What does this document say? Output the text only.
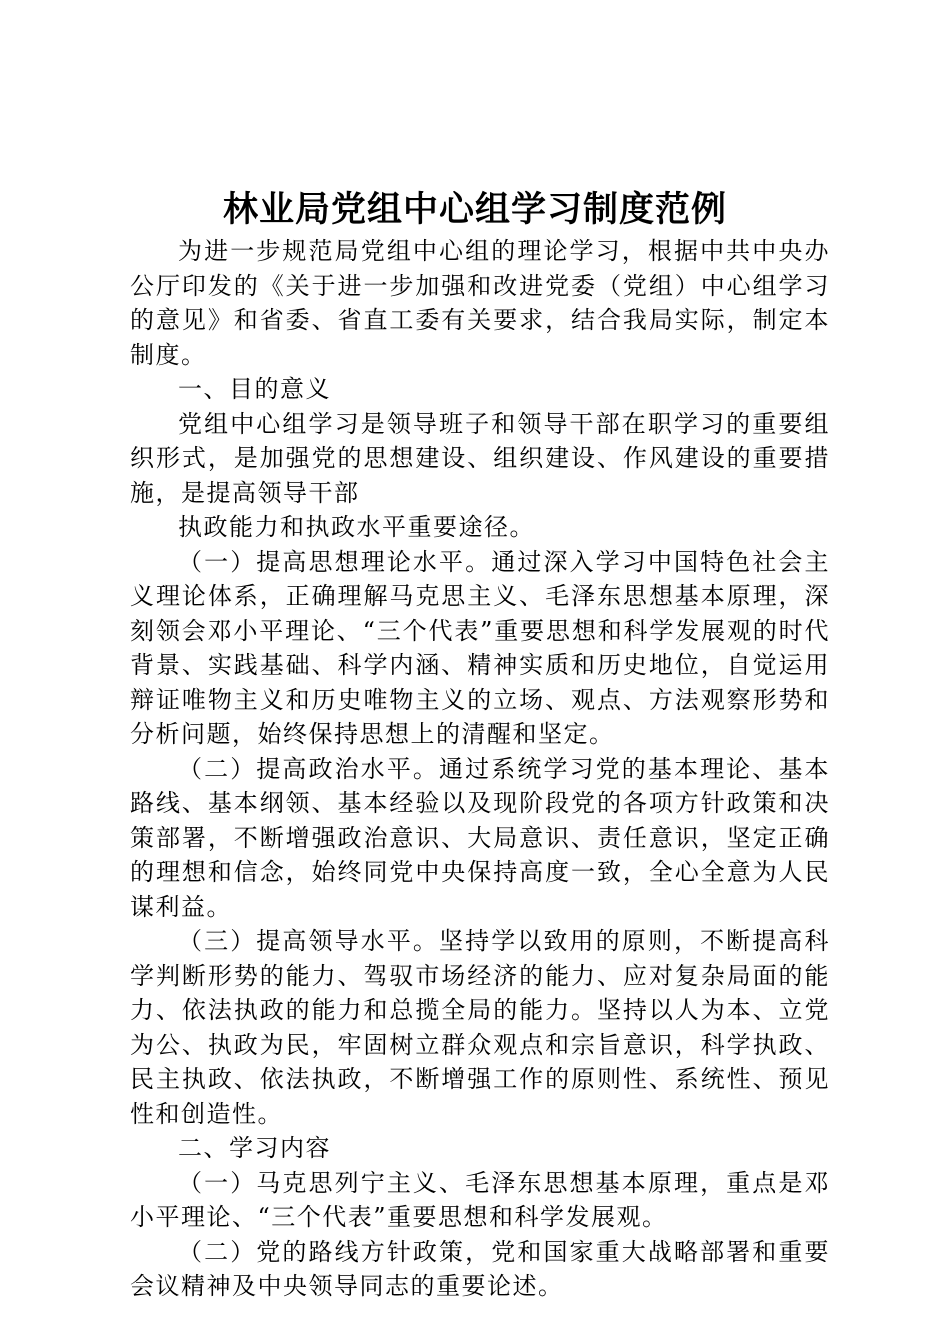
林业局党组中心组学习制度范例

为进一步规范局党组中心组的理论学习，根据中共中央办公厅印发的《关于进一步加强和改进党委（党组）中心组学习的意见》和省委、省直工委有关要求，结合我局实际，制定本制度。

一、目的意义

党组中心组学习是领导班子和领导干部在职学习的重要组织形式，是加强党的思想建设、组织建设、作风建设的重要措施，是提高领导干部

执政能力和执政水平重要途径。

（一）提高思想理论水平。通过深入学习中国特色社会主义理论体系，正确理解马克思主义、毛泽东思想基本原理，深刻领会邓小平理论、“三个代表”重要思想和科学发展观的时代背景、实践基础、科学内涵、精神实质和历史地位，自觉运用辩证唯物主义和历史唯物主义的立场、观点、方法观察形势和分析问题，始终保持思想上的清醒和坚定。

（二）提高政治水平。通过系统学习党的基本理论、基本路线、基本纲领、基本经验以及现阶段党的各项方针政策和决策部署，不断增强政治意识、大局意识、责任意识，坚定正确的理想和信念，始终同党中央保持高度一致，全心全意为人民谋利益。

（三）提高领导水平。坚持学以致用的原则，不断提高科学判断形势的能力、驾驭市场经济的能力、应对复杂局面的能力、依法执政的能力和总揽全局的能力。坚持以人为本、立党为公、执政为民，牢固树立群众观点和宗旨意识，科学执政、民主执政、依法执政，不断增强工作的原则性、系统性、预见性和创造性。

二、学习内容

（一）马克思列宁主义、毛泽东思想基本原理，重点是邓小平理论、“三个代表”重要思想和科学发展观。

（二）党的路线方针政策，党和国家重大战略部署和重要会议精神及中央领导同志的重要论述。
